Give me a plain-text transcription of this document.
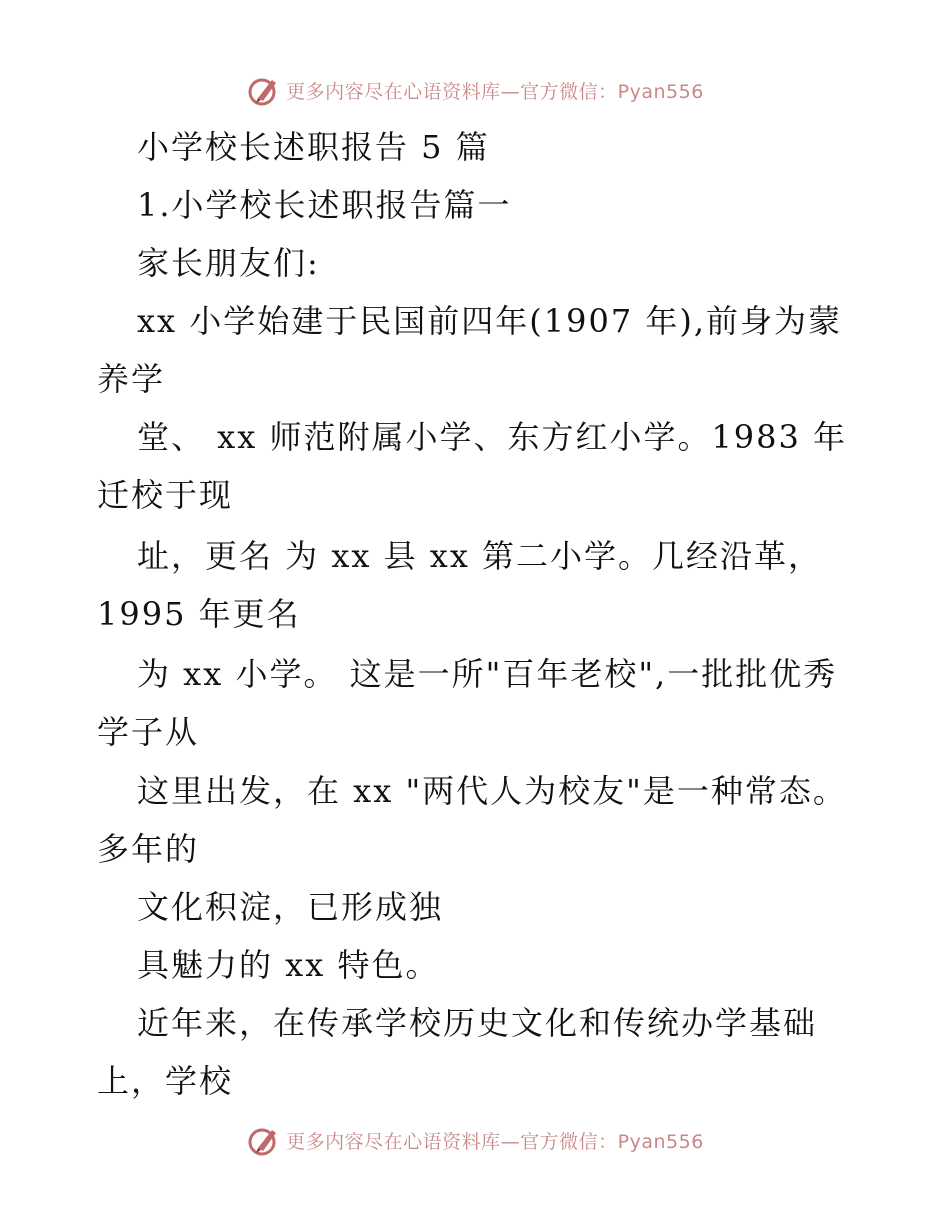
更多内容尽在心语资料库—官方微信：Pyan556
小学校长述职报告 5 篇
1.小学校长述职报告篇一
家长朋友们:
xx 小学始建于民国前四年(1907 年),前身为蒙
养学
堂、 xx 师范附属小学、东方红小学。1983 年
迁校于现
址，更名 为 xx 县 xx 第二小学。几经沿革，
1995 年更名
为 xx 小学。 这是一所"百年老校",一批批优秀
学子从
这里出发，在 xx "两代人为校友"是一种常态。
多年的
文化积淀，已形成独
具魅力的 xx 特色。
近年来，在传承学校历史文化和传统办学基础
上，学校
更多内容尽在心语资料库—官方微信：Pyan556
